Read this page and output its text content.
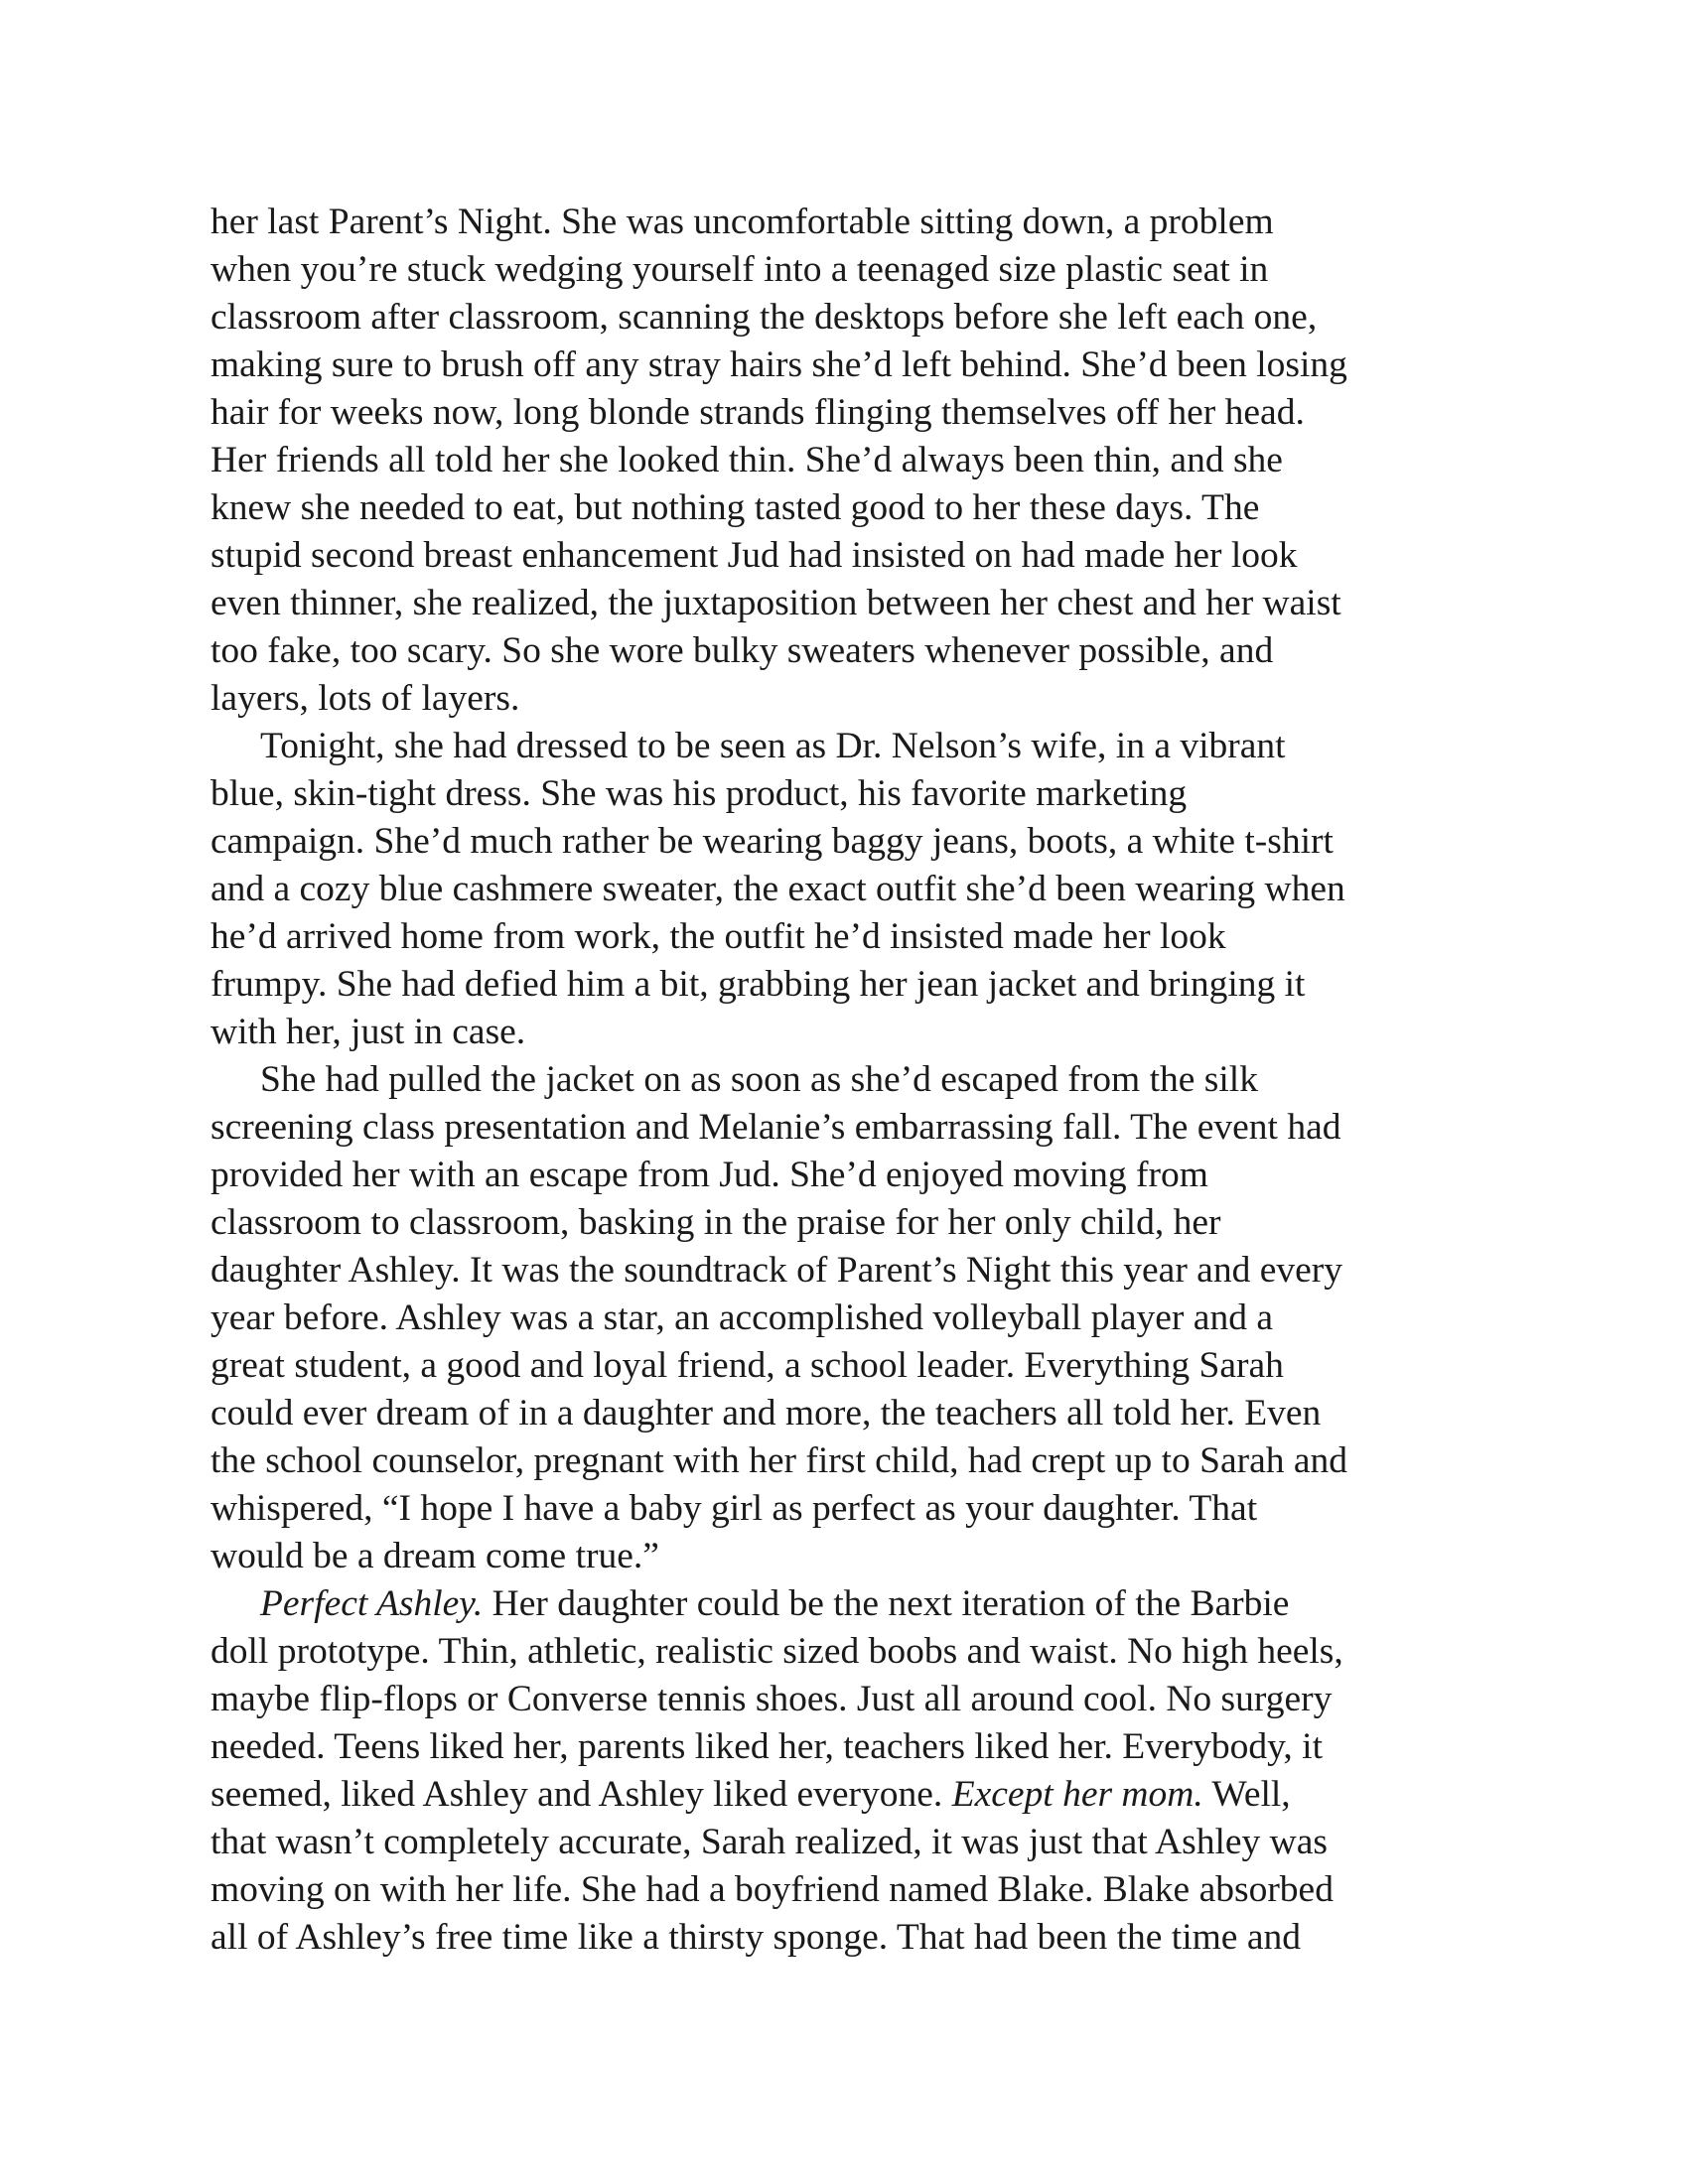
her last Parent’s Night. She was uncomfortable sitting down, a problem
when you’re stuck wedging yourself into a teenaged size plastic seat in
classroom after classroom, scanning the desktops before she left each one,
making sure to brush off any stray hairs she’d left behind. She’d been losing
hair for weeks now, long blonde strands flinging themselves off her head.
Her friends all told her she looked thin. She’d always been thin, and she
knew she needed to eat, but nothing tasted good to her these days. The
stupid second breast enhancement Jud had insisted on had made her look
even thinner, she realized, the juxtaposition between her chest and her waist
too fake, too scary. So she wore bulky sweaters whenever possible, and
layers, lots of layers.

Tonight, she had dressed to be seen as Dr. Nelson’s wife, in a vibrant
blue, skin-tight dress. She was his product, his favorite marketing
campaign. She’d much rather be wearing baggy jeans, boots, a white t-shirt
and a cozy blue cashmere sweater, the exact outfit she’d been wearing when
he’d arrived home from work, the outfit he’d insisted made her look
frumpy. She had defied him a bit, grabbing her jean jacket and bringing it
with her, just in case.

She had pulled the jacket on as soon as she’d escaped from the silk
screening class presentation and Melanie’s embarrassing fall. The event had
provided her with an escape from Jud. She’d enjoyed moving from
classroom to classroom, basking in the praise for her only child, her
daughter Ashley. It was the soundtrack of Parent’s Night this year and every
year before. Ashley was a star, an accomplished volleyball player and a
great student, a good and loyal friend, a school leader. Everything Sarah
could ever dream of in a daughter and more, the teachers all told her. Even
the school counselor, pregnant with her first child, had crept up to Sarah and
whispered, “I hope I have a baby girl as perfect as your daughter. That
would be a dream come true.”

Perfect Ashley. Her daughter could be the next iteration of the Barbie
doll prototype. Thin, athletic, realistic sized boobs and waist. No high heels,
maybe flip-flops or Converse tennis shoes. Just all around cool. No surgery
needed. Teens liked her, parents liked her, teachers liked her. Everybody, it
seemed, liked Ashley and Ashley liked everyone. Except her mom. Well,
that wasn’t completely accurate, Sarah realized, it was just that Ashley was
moving on with her life. She had a boyfriend named Blake. Blake absorbed
all of Ashley’s free time like a thirsty sponge. That had been the time and
